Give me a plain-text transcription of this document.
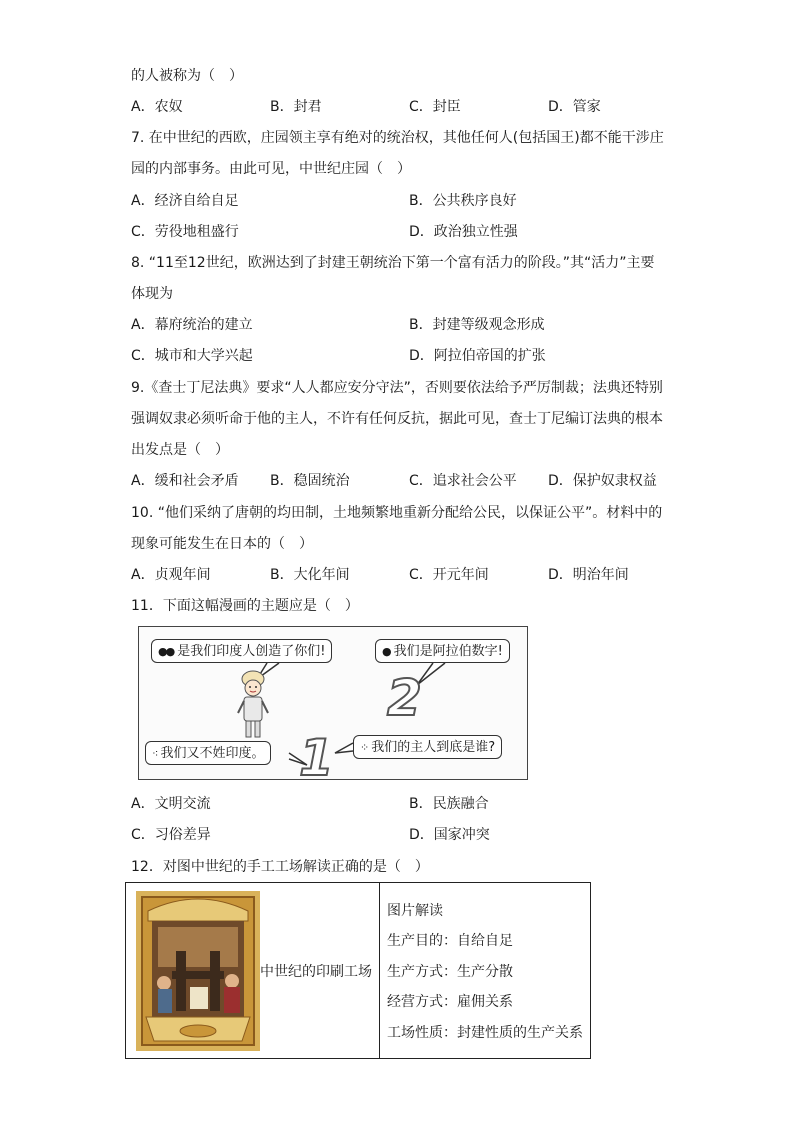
的人被称为（　）
A．农奴	B．封君	C．封臣	D．管家
7. 在中世纪的西欧，庄园领主享有绝对的统治权，其他任何人(包括国王)都不能干涉庄
园的内部事务。由此可见，中世纪庄园（　）
A．经济自给自足	B．公共秩序良好
C．劳役地租盛行	D．政治独立性强
8. “11至12世纪，欧洲达到了封建王朝统治下第一个富有活力的阶段。”其“活力”主要
体现为
A．幕府统治的建立	B．封建等级观念形成
C．城市和大学兴起	D．阿拉伯帝国的扩张
9.《查士丁尼法典》要求“人人都应安分守法”，否则要依法给予严厉制裁；法典还特别
强调奴隶必须听命于他的主人，不许有任何反抗，据此可见，查士丁尼编订法典的根本
出发点是（　）
A．缓和社会矛盾 B．稳固统治	C．追求社会公平 D．保护奴隶权益
10. “他们采纳了唐朝的均田制，土地频繁地重新分配给公民，以保证公平”。材料中的
现象可能发生在日本的（　）
A．贞观年间	B．大化年间	C．开元年间	D．明治年间
11．下面这幅漫画的主题应是（　）
●● 是我们印度人创造了你们!	● 我们是阿拉伯数字!
⁖ 我们又不姓印度。	⁘ 我们的主人到底是谁?
2
1
A．文明交流	B．民族融合
C．习俗差异	D．国家冲突
12．对图中世纪的手工工场解读正确的是（　）
中世纪的印刷工场
图片解读
生产目的：自给自足
生产方式：生产分散
经营方式：雇佣关系
工场性质：封建性质的生产关系
